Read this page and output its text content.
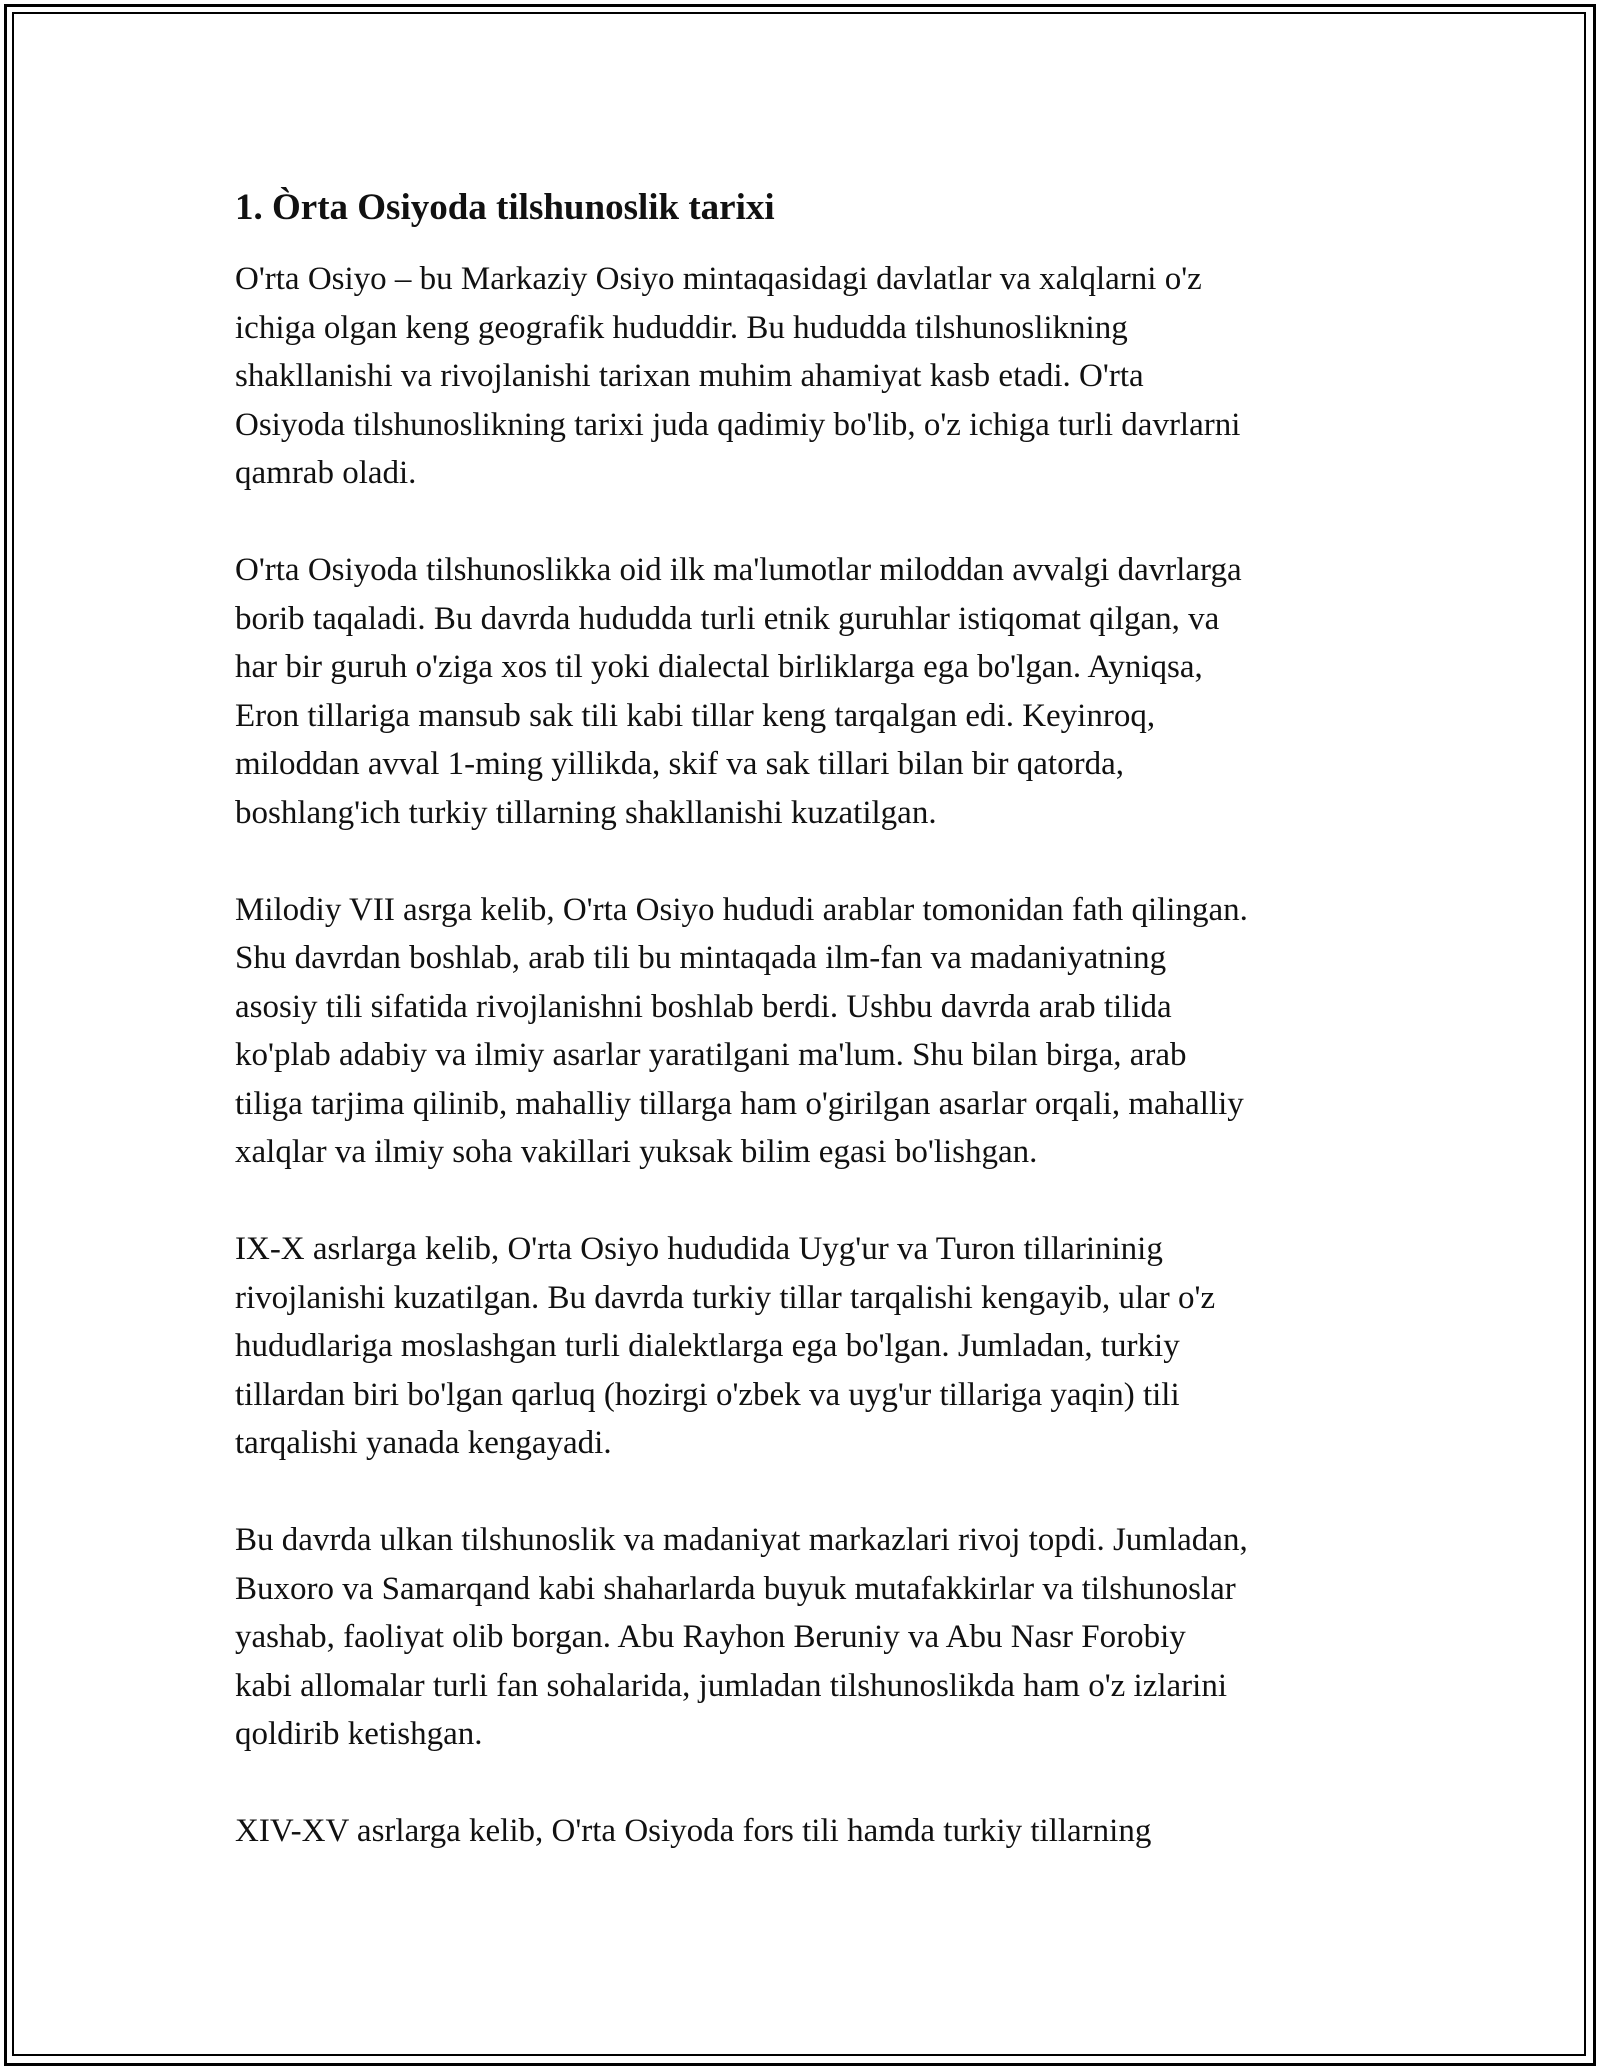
1. Òrta Osiyoda tilshunoslik tarixi

O'rta Osiyo – bu Markaziy Osiyo mintaqasidagi davlatlar va xalqlarni o'z
ichiga olgan keng geografik hududdir. Bu hududda tilshunoslikning
shakllanishi va rivojlanishi tarixan muhim ahamiyat kasb etadi. O'rta
Osiyoda tilshunoslikning tarixi juda qadimiy bo'lib, o'z ichiga turli davrlarni
qamrab oladi.

O'rta Osiyoda tilshunoslikka oid ilk ma'lumotlar miloddan avvalgi davrlarga
borib taqaladi. Bu davrda hududda turli etnik guruhlar istiqomat qilgan, va
har bir guruh o'ziga xos til yoki dialectal birliklarga ega bo'lgan. Ayniqsa,
Eron tillariga mansub sak tili kabi tillar keng tarqalgan edi. Keyinroq,
miloddan avval 1-ming yillikda, skif va sak tillari bilan bir qatorda,
boshlang'ich turkiy tillarning shakllanishi kuzatilgan.

Milodiy VII asrga kelib, O'rta Osiyo hududi arablar tomonidan fath qilingan.
Shu davrdan boshlab, arab tili bu mintaqada ilm-fan va madaniyatning
asosiy tili sifatida rivojlanishni boshlab berdi. Ushbu davrda arab tilida
ko'plab adabiy va ilmiy asarlar yaratilgani ma'lum. Shu bilan birga, arab
tiliga tarjima qilinib, mahalliy tillarga ham o'girilgan asarlar orqali, mahalliy
xalqlar va ilmiy soha vakillari yuksak bilim egasi bo'lishgan.

IX-X asrlarga kelib, O'rta Osiyo hududida Uyg'ur va Turon tillarininig
rivojlanishi kuzatilgan. Bu davrda turkiy tillar tarqalishi kengayib, ular o'z
hududlariga moslashgan turli dialektlarga ega bo'lgan. Jumladan, turkiy
tillardan biri bo'lgan qarluq (hozirgi o'zbek va uyg'ur tillariga yaqin) tili
tarqalishi yanada kengayadi.

Bu davrda ulkan tilshunoslik va madaniyat markazlari rivoj topdi. Jumladan,
Buxoro va Samarqand kabi shaharlarda buyuk mutafakkirlar va tilshunoslar
yashab, faoliyat olib borgan. Abu Rayhon Beruniy va Abu Nasr Forobiy
kabi allomalar turli fan sohalarida, jumladan tilshunoslikda ham o'z izlarini
qoldirib ketishgan.

XIV-XV asrlarga kelib, O'rta Osiyoda fors tili hamda turkiy tillarning
